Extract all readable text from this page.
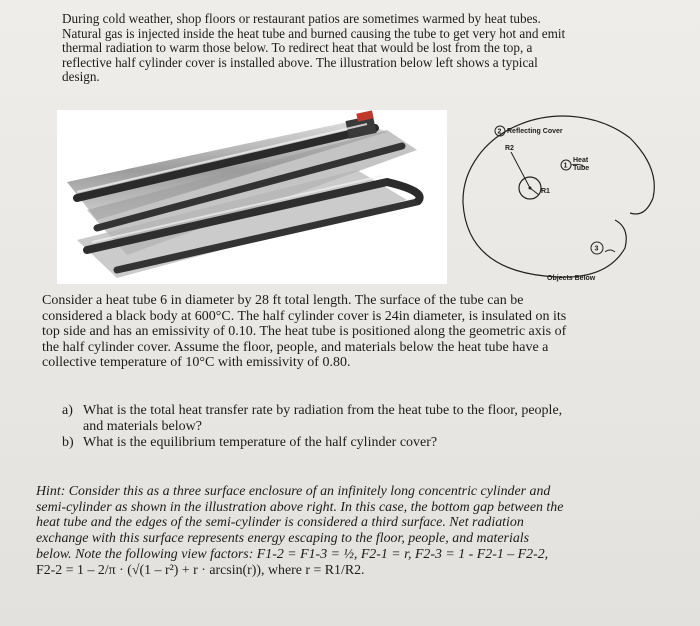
During cold weather, shop floors or restaurant patios are sometimes warmed by heat tubes.
Natural gas is injected inside the heat tube and burned causing the tube to get very hot and emit
thermal radiation to warm those below. To redirect heat that would be lost from the top, a
reflective half cylinder cover is installed above. The illustration below left shows a typical
design.
2 Reflecting Cover
1
Heat
Tube
R2
R1
3
Objects Below
Consider a heat tube 6 in diameter by 28 ft total length. The surface of the tube can be
considered a black body at 600°C. The half cylinder cover is 24in diameter, is insulated on its
top side and has an emissivity of 0.10. The heat tube is positioned along the geometric axis of
the half cylinder cover. Assume the floor, people, and materials below the heat tube have a
collective temperature of 10°C with emissivity of 0.80.
a) What is the total heat transfer rate by radiation from the heat tube to the floor, people,
and materials below?
b) What is the equilibrium temperature of the half cylinder cover?
Hint: Consider this as a three surface enclosure of an infinitely long concentric cylinder and
semi-cylinder as shown in the illustration above right. In this case, the bottom gap between the
heat tube and the edges of the semi-cylinder is considered a third surface. Net radiation
exchange with this surface represents energy escaping to the floor, people, and materials
below. Note the following view factors: F1-2 = F1-3 = ½, F2-1 = r, F2-3 = 1 - F2-1 – F2-2,
F2-2 = 1 – 2/π · (√(1 – r²) + r · arcsin(r)), where r = R1/R2.
